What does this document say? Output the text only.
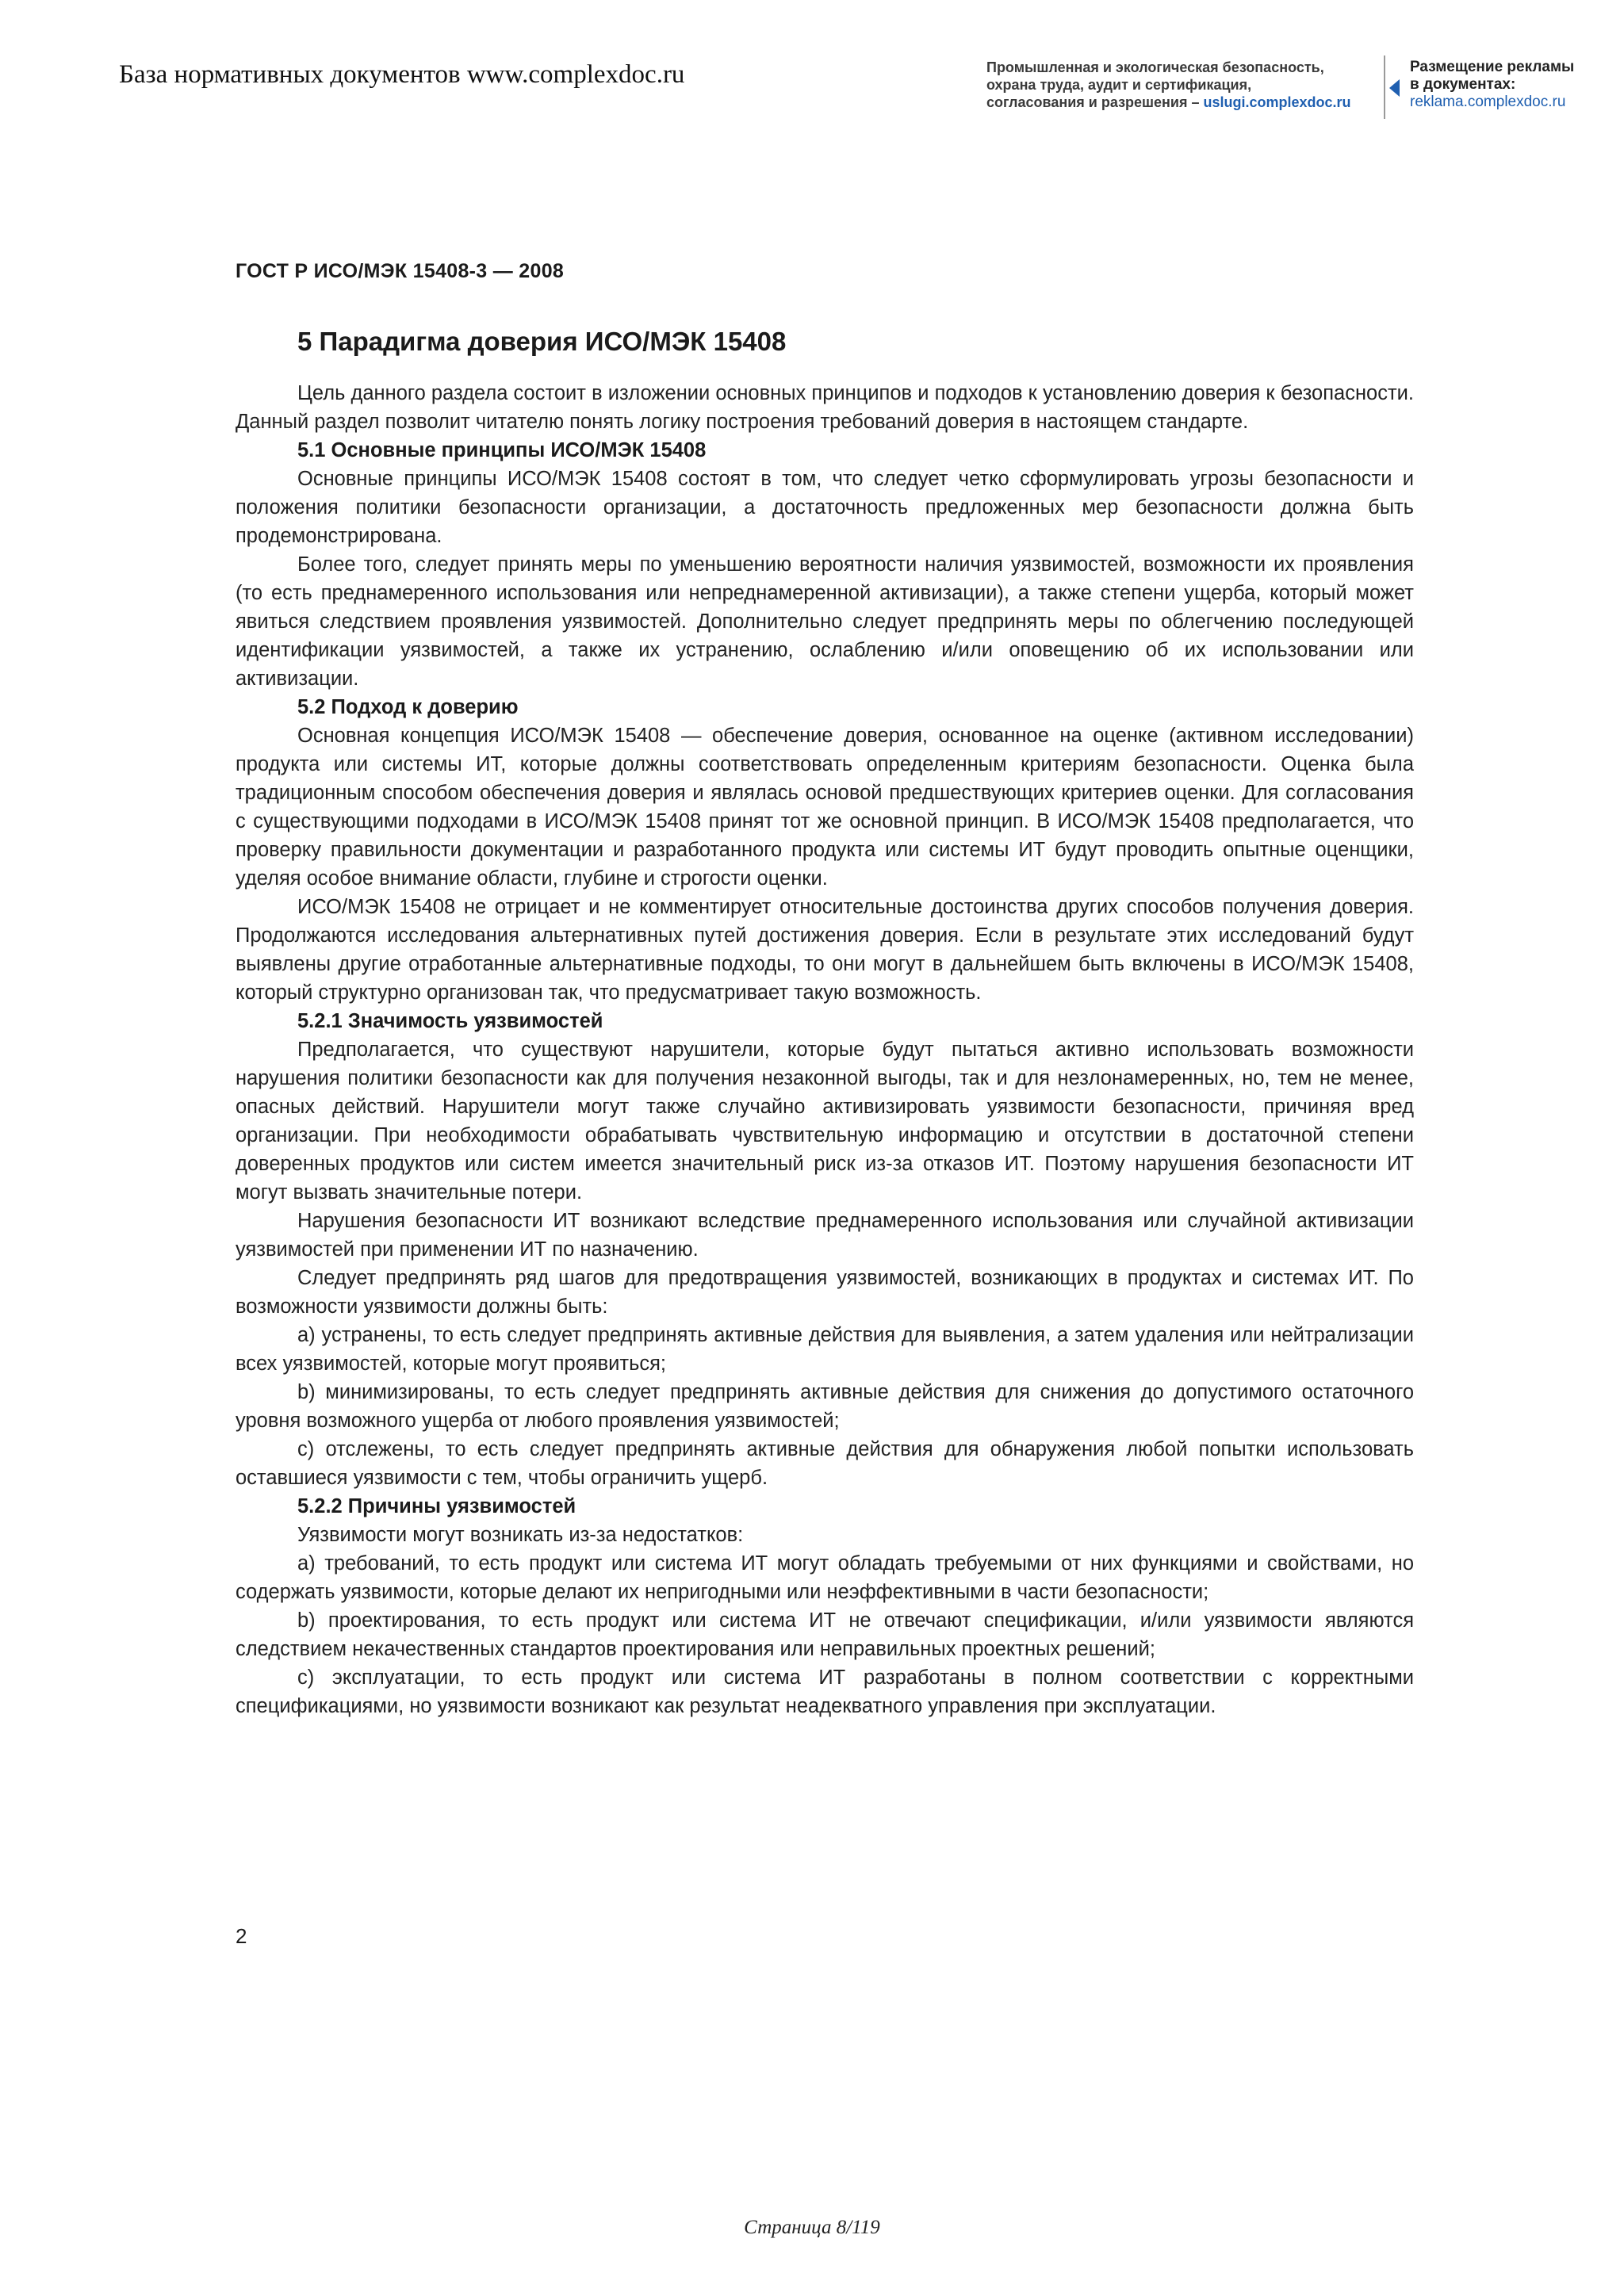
База нормативных документов www.complexdoc.ru	Промышленная и экологическая безопасность,
охрана труда, аудит и сертификация,
согласования и разрешения – uslugi.complexdoc.ru
Размещение рекламы
в документах:
reklama.complexdoc.ru
ГОСТ Р ИСО/МЭК 15408-3 — 2008
5 Парадигма доверия ИСО/МЭК 15408

Цель данного раздела состоит в изложении основных принципов и подходов к установлению доверия к безопасности. Данный раздел позволит читателю понять логику построения требований доверия в настоящем стандарте.

5.1 Основные принципы ИСО/МЭК 15408

Основные принципы ИСО/МЭК 15408 состоят в том, что следует четко сформулировать угрозы безопасности и положения политики безопасности организации, а достаточность предложенных мер безопасности должна быть продемонстрирована.

Более того, следует принять меры по уменьшению вероятности наличия уязвимостей, возможности их проявления (то есть преднамеренного использования или непреднамеренной активизации), а также степени ущерба, который может явиться следствием проявления уязвимостей. Дополнительно следует предпринять меры по облегчению последующей идентификации уязвимостей, а также их устранению, ослаблению и/или оповещению об их использовании или активизации.

5.2 Подход к доверию

Основная концепция ИСО/МЭК 15408 — обеспечение доверия, основанное на оценке (активном исследовании) продукта или системы ИТ, которые должны соответствовать определенным критериям безопасности. Оценка была традиционным способом обеспечения доверия и являлась основой предшествующих критериев оценки. Для согласования с существующими подходами в ИСО/МЭК 15408 принят тот же основной принцип. В ИСО/МЭК 15408 предполагается, что проверку правильности документации и разработанного продукта или системы ИТ будут проводить опытные оценщики, уделяя особое внимание области, глубине и строгости оценки.

ИСО/МЭК 15408 не отрицает и не комментирует относительные достоинства других способов получения доверия. Продолжаются исследования альтернативных путей достижения доверия. Если в результате этих исследований будут выявлены другие отработанные альтернативные подходы, то они могут в дальнейшем быть включены в ИСО/МЭК 15408, который структурно организован так, что предусматривает такую возможность.

5.2.1 Значимость уязвимостей

Предполагается, что существуют нарушители, которые будут пытаться активно использовать возможности нарушения политики безопасности как для получения незаконной выгоды, так и для незлонамеренных, но, тем не менее, опасных действий. Нарушители могут также случайно активизировать уязвимости безопасности, причиняя вред организации. При необходимости обрабатывать чувствительную информацию и отсутствии в достаточной степени доверенных продуктов или систем имеется значительный риск из-за отказов ИТ. Поэтому нарушения безопасности ИТ могут вызвать значительные потери.

Нарушения безопасности ИТ возникают вследствие преднамеренного использования или случайной активизации уязвимостей при применении ИТ по назначению.

Следует предпринять ряд шагов для предотвращения уязвимостей, возникающих в продуктах и системах ИТ. По возможности уязвимости должны быть:

a) устранены, то есть следует предпринять активные действия для выявления, а затем удаления или нейтрализации всех уязвимостей, которые могут проявиться;

b) минимизированы, то есть следует предпринять активные действия для снижения до допустимого остаточного уровня возможного ущерба от любого проявления уязвимостей;

c) отслежены, то есть следует предпринять активные действия для обнаружения любой попытки использовать оставшиеся уязвимости с тем, чтобы ограничить ущерб.

5.2.2 Причины уязвимостей

Уязвимости могут возникать из-за недостатков:

a) требований, то есть продукт или система ИТ могут обладать требуемыми от них функциями и свойствами, но содержать уязвимости, которые делают их непригодными или неэффективными в части безопасности;

b) проектирования, то есть продукт или система ИТ не отвечают спецификации, и/или уязвимости являются следствием некачественных стандартов проектирования или неправильных проектных решений;

c) эксплуатации, то есть продукт или система ИТ разработаны в полном соответствии с корректными спецификациями, но уязвимости возникают как результат неадекватного управления при эксплуатации.

2
Страница 8/119
